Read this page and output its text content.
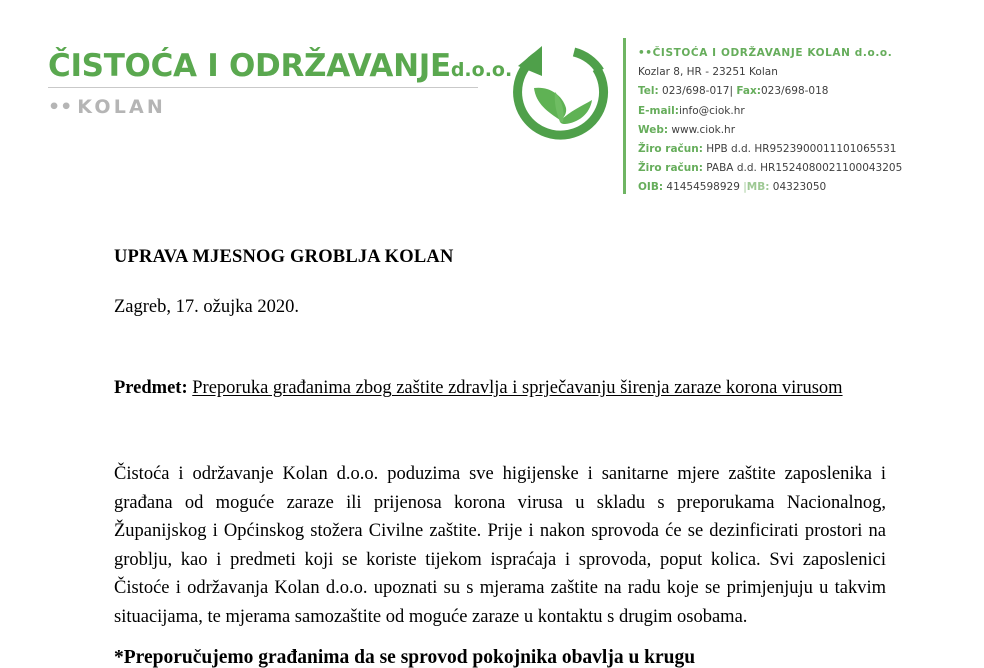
ČISTOĆA I ODRŽAVANJEd.o.o.
•• KOLAN
••ČISTOĆA I ODRŽAVANJE KOLAN d.o.o.
Kozlar 8, HR - 23251 Kolan
Tel: 023/698-017| Fax:023/698-018
E-mail:info@ciok.hr
Web: www.ciok.hr
Žiro račun: HPB d.d. HR9523900011101065531
Žiro račun: PABA d.d. HR1524080021100043205
OIB: 41454598929 |MB: 04323050

UPRAVA MJESNOG GROBLJA KOLAN

Zagreb, 17. ožujka 2020.

Predmet: Preporuka građanima zbog zaštite zdravlja i sprječavanju širenja zaraze korona virusom

Čistoća i održavanje Kolan d.o.o. poduzima sve higijenske i sanitarne mjere zaštite zaposlenika i građana od moguće zaraze ili prijenosa korona virusa u skladu s preporukama Nacionalnog, Županijskog i Općinskog stožera Civilne zaštite. Prije i nakon sprovoda će se dezinficirati prostori na groblju, kao i predmeti koji se koriste tijekom ispraćaja i sprovoda, poput kolica. Svi zaposlenici Čistoće i održavanja Kolan d.o.o. upoznati su s mjerama zaštite na radu koje se primjenjuju u takvim situacijama, te mjerama samozaštite od moguće zaraze u kontaktu s drugim osobama.

*Preporučujemo građanima da se sprovod pokojnika obavlja u krugu
